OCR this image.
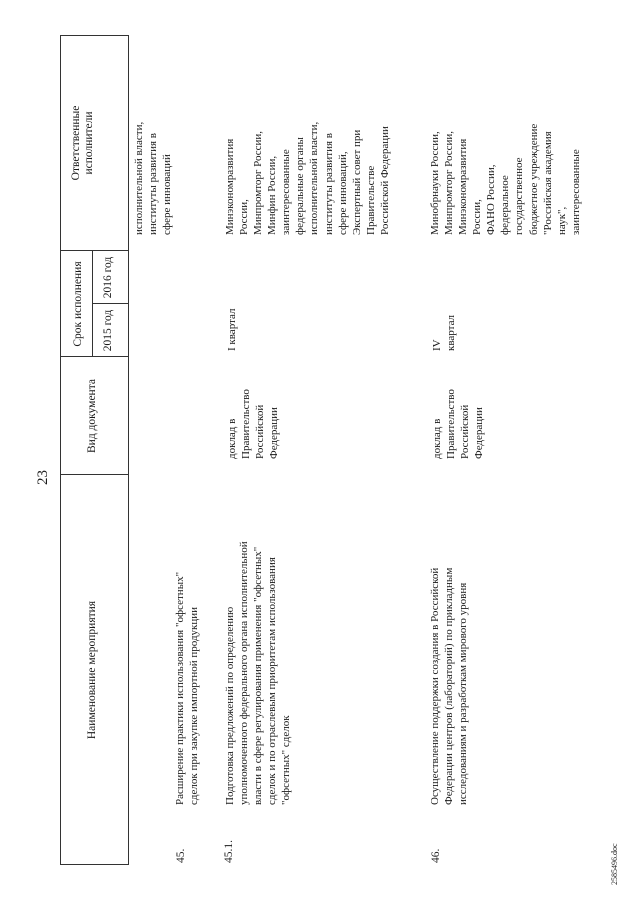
23
Наименование мероприятия
Вид документа
Срок исполнения 2015 год
2016 год
Ответственные исполнители	исполнительной власти, институты развития в сфере инноваций
45.
Расширение практики использования "офсетных" сделок при закупке импортной продукции
45.1.
Подготовка предложений по определению уполномоченного федерального органа исполнительной власти в сфере регулирования применения "офсетных" сделок и по отраслевым приоритетам использования "офсетных" сделок
доклад в Правительство Российской Федерации
I квартал
Минэкономразвития России, Минпромторг России, Минфин России, заинтересованные федеральные органы исполнительной власти, институты развития в сфере инноваций, Экспертный совет при Правительстве Российской Федерации
46.
Осуществление поддержки создания в Российской Федерации центров (лабораторий) по прикладным исследованиям и разработкам мирового уровня
доклад в Правительство Российской Федерации
IV квартал
Минобрнауки России, Минпромторг России, Минэкономразвития России, ФАНО России, федеральное государственное бюджетное учреждение "Российская академия наук", заинтересованные
2585496.doc
